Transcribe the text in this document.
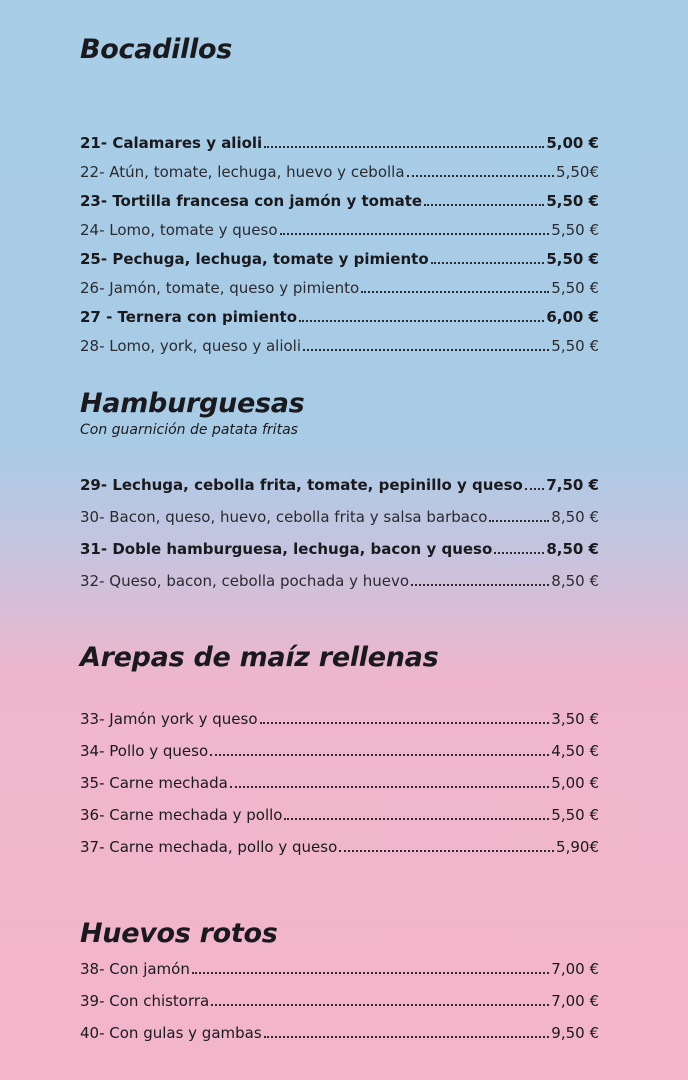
Bocadillos
21- Calamares y alioli	5,00 €
22- Atún, tomate, lechuga, huevo y cebolla	5,50€
23- Tortilla francesa con jamón y tomate	5,50 €
24- Lomo, tomate y queso	5,50 €
25- Pechuga, lechuga, tomate y pimiento	5,50 €
26- Jamón, tomate, queso y pimiento	5,50 €
27 - Ternera con pimiento	6,00 €
28- Lomo, york, queso y alioli	5,50 €
Hamburguesas

Con guarnición de patata fritas

29- Lechuga, cebolla frita, tomate, pepinillo y queso 7,50 €
30- Bacon, queso, huevo, cebolla frita y salsa barbaco	8,50 €
31- Doble hamburguesa, lechuga, bacon y queso	8,50 €
32- Queso, bacon, cebolla pochada y huevo	8,50 €
Arepas de maíz rellenas
33- Jamón york y queso	3,50 €
34- Pollo y queso	4,50 €
35- Carne mechada	5,00 €
36- Carne mechada y pollo	5,50 €
37- Carne mechada, pollo y queso	5,90€
Huevos rotos
38- Con jamón	7,00 €
39- Con chistorra	7,00 €
40- Con gulas y gambas	9,50 €
